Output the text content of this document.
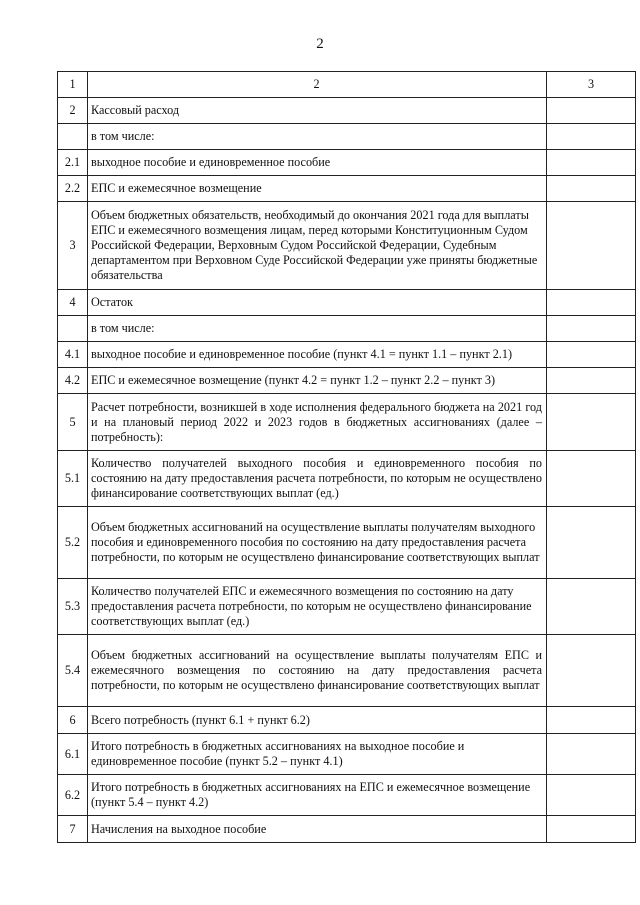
2
1	2	3
2	Кассовый расход	
	в том числе:	
2.1	выходное пособие и единовременное пособие	
2.2	ЕПС и ежемесячное возмещение	
3	Объем бюджетных обязательств, необходимый до окончания 2021 года для выплаты ЕПС и ежемесячного возмещения лицам, перед которыми Конституционным Судом Российской Федерации, Верховным Судом Российской Федерации, Судебным департаментом при Верховном Суде Российской Федерации уже приняты бюджетные обязательства	
4	Остаток	
	в том числе:	
4.1	выходное пособие и единовременное пособие (пункт 4.1 = пункт 1.1 – пункт 2.1)	
4.2	ЕПС и ежемесячное возмещение (пункт 4.2 = пункт 1.2 – пункт 2.2 – пункт 3)	
5	Расчет потребности, возникшей в ходе исполнения федерального бюджета на 2021 год и на плановый период 2022 и 2023 годов в бюджетных ассигнованиях (далее – потребность):	
5.1	Количество получателей выходного пособия и единовременного пособия по состоянию на дату предоставления расчета потребности, по которым не осуществлено финансирование соответствующих выплат (ед.)	
5.2	Объем бюджетных ассигнований на осуществление выплаты получателям выходного пособия и единовременного пособия по состоянию на дату предоставления расчета потребности, по которым не осуществлено финансирование соответствующих выплат	
5.3	Количество получателей ЕПС и ежемесячного возмещения по состоянию на дату предоставления расчета потребности, по которым не осуществлено финансирование соответствующих выплат (ед.)	
5.4	Объем бюджетных ассигнований на осуществление выплаты получателям ЕПС и ежемесячного возмещения по состоянию на дату предоставления расчета потребности, по которым не осуществлено финансирование соответствующих выплат	
6	Всего потребность (пункт 6.1 + пункт 6.2)	
6.1	Итого потребность в бюджетных ассигнованиях на выходное пособие и единовременное пособие (пункт 5.2 – пункт 4.1)	
6.2	Итого потребность в бюджетных ассигнованиях на ЕПС и ежемесячное возмещение (пункт 5.4 – пункт 4.2)	
7	Начисления на выходное пособие	
